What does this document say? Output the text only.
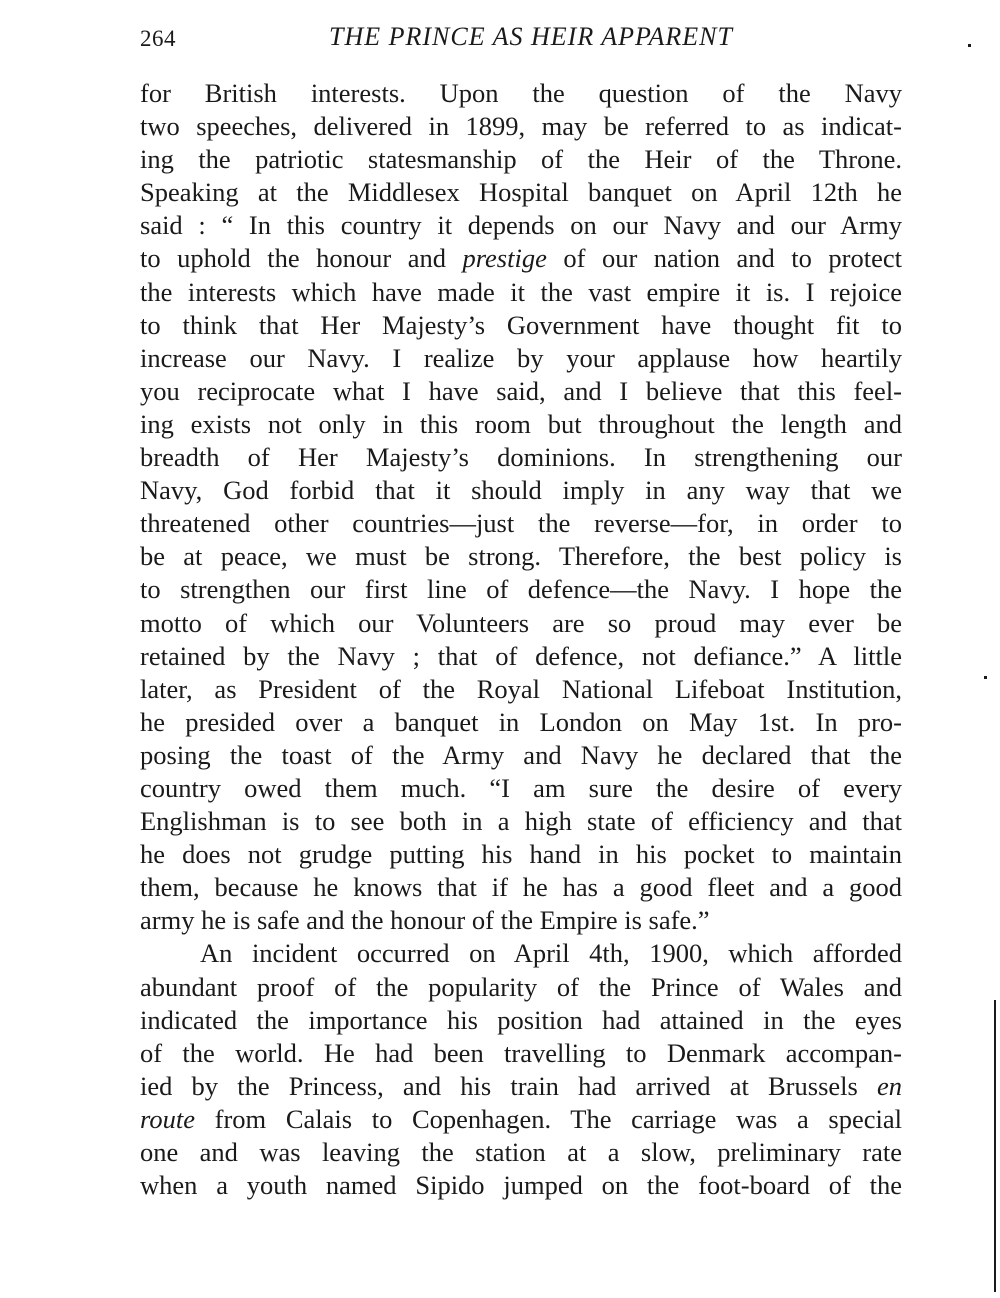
264	THE PRINCE AS HEIR APPARENT
for British interests. Upon the question of the Navy
two speeches, delivered in 1899, may be referred to as indicat-
ing the patriotic statesmanship of the Heir of the Throne.
Speaking at the Middlesex Hospital banquet on April 12th he
said : “ In this country it depends on our Navy and our Army
to uphold the honour and prestige of our nation and to protect
the interests which have made it the vast empire it is. I rejoice
to think that Her Majesty’s Government have thought fit to
increase our Navy. I realize by your applause how heartily
you reciprocate what I have said, and I believe that this feel-
ing exists not only in this room but throughout the length and
breadth of Her Majesty’s dominions. In strengthening our
Navy, God forbid that it should imply in any way that we
threatened other countries—just the reverse—for, in order to
be at peace, we must be strong. Therefore, the best policy is
to strengthen our first line of defence—the Navy. I hope the
motto of which our Volunteers are so proud may ever be
retained by the Navy ; that of defence, not defiance.” A little
later, as President of the Royal National Lifeboat Institution,
he presided over a banquet in London on May 1st. In pro-
posing the toast of the Army and Navy he declared that the
country owed them much. “I am sure the desire of every
Englishman is to see both in a high state of efficiency and that
he does not grudge putting his hand in his pocket to maintain
them, because he knows that if he has a good fleet and a good
army he is safe and the honour of the Empire is safe.”
An incident occurred on April 4th, 1900, which afforded
abundant proof of the popularity of the Prince of Wales and
indicated the importance his position had attained in the eyes
of the world. He had been travelling to Denmark accompan-
ied by the Princess, and his train had arrived at Brussels en
route from Calais to Copenhagen. The carriage was a special
one and was leaving the station at a slow, preliminary rate
when a youth named Sipido jumped on the foot-board of the
